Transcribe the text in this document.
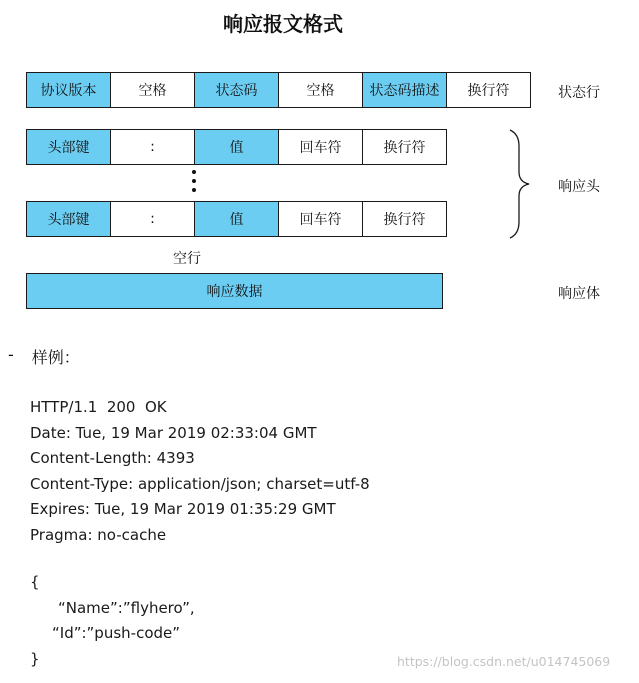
响应报文格式
协议版本	空格	状态码	空格	状态码描述	换行符	状态行
头部键	:	值	回车符	换行符
头部键	:	值	回车符	换行符
响应头
空行
响应数据	响应体
- 样例：
HTTP/1.1  200  OK
Date: Tue, 19 Mar 2019 02:33:04 GMT
Content-Length: 4393
Content-Type: application/json; charset=utf-8
Expires: Tue, 19 Mar 2019 01:35:29 GMT
Pragma: no-cache
{
“Name”:”flyhero”,
“Id”:”push-code”
}	https://blog.csdn.net/u014745069
